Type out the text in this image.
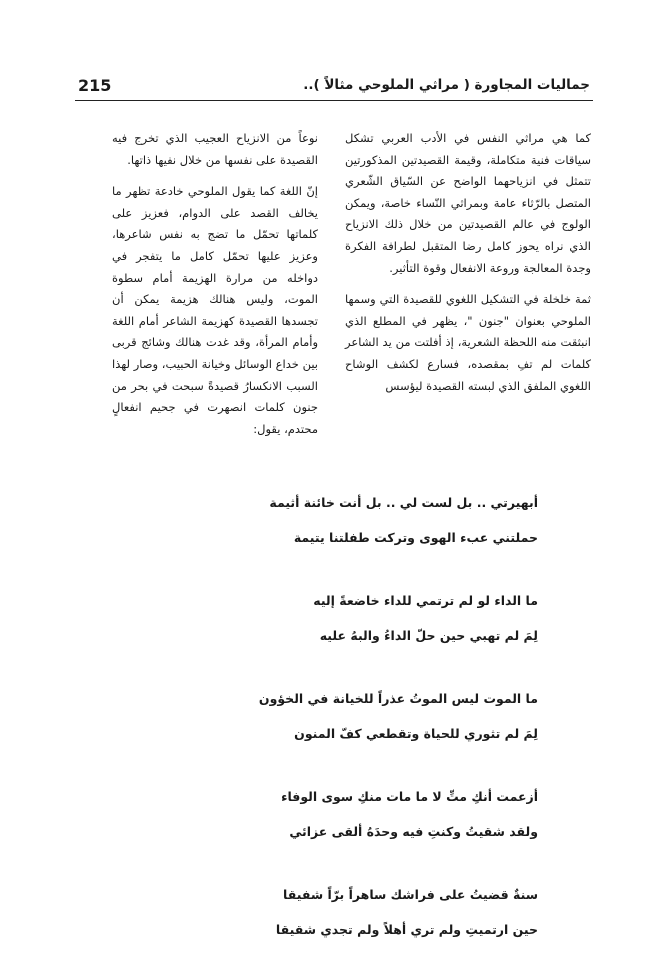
215	جماليات المجاورة ( مراثي الملوحي مثالاً )..

كما هي مراثي النفس في الأدب العربي تشكل سياقات فنية متكاملة، وقيمة القصيدتين المذكورتين تتمثل في انزياحهما الواضح عن السّياق الشّعري المتصل بالرّثاء عامة وبمراثي النّساء خاصة، ويمكن الولوج في عالم القصيدتين من خلال ذلك الانزياح الذي نراه يحوز كامل رضا المتقبل لطرافة الفكرة وجدة المعالجة وروعة الانفعال وقوة التأثير.

ثمة خلخلة في التشكيل اللغوي للقصيدة التي وسمها الملوحي بعنوان "جنون "، يظهر في المطلع الذي انبثقت منه اللحظة الشعرية، إذ أفلتت من يد الشاعر كلمات لم تفِ بمقصده، فسارع لكشف الوشاح اللغوي الملفق الذي لبسته القصيدة ليؤسس

نوعاً من الانزياح العجيب الذي تخرج فيه القصيدة على نفسها من خلال نفيها ذاتها.

إنّ اللغة كما يقول الملوحي خادعة تظهر ما يخالف القصد على الدوام، فعزيز على كلماتها تحمّل ما تضج به نفس شاعرها، وعزيز عليها تحمّل كامل ما يتفجر في دواخله من مرارة الهزيمة أمام سطوة الموت، وليس هنالك هزيمة يمكن أن تجسدها القصيدة كهزيمة الشاعر أمام اللغة وأمام المرأة، وقد غدت هنالك وشائج قربى بين خداع الوسائل وخيانة الحبيب، وصار لهذا السبب الانكسارُ قصيدةً سبحت في بحر من جنون كلمات انصهرت في جحيم انفعالٍ محتدم، يقول:

أبهيرتي .. بل لست لي .. بل أنت خائنة أثيمة
حملتني عبء الهوى وتركت طفلتنا يتيمة
ما الداء لو لم ترتمي للداء خاضعةً إليه
لِمَ لم تهبي حين حلّ الداءُ والبهُ عليه
ما الموت ليس الموتُ عذراً للخيانة في الخؤون
لِمَ لم تثوري للحياة وتقطعي كفّ المنون
أزعمت أنكِ متِّ لا ما مات منكِ سوى الوفاء
ولقد شقيتُ وكنتِ فيه وحدَهُ ألقى عزائي
سنةٌ قضيتُ على فراشك ساهراً برّاً شفيقا
حين ارتميتِ ولم تري أهلاً ولم تجدي شقيقا
